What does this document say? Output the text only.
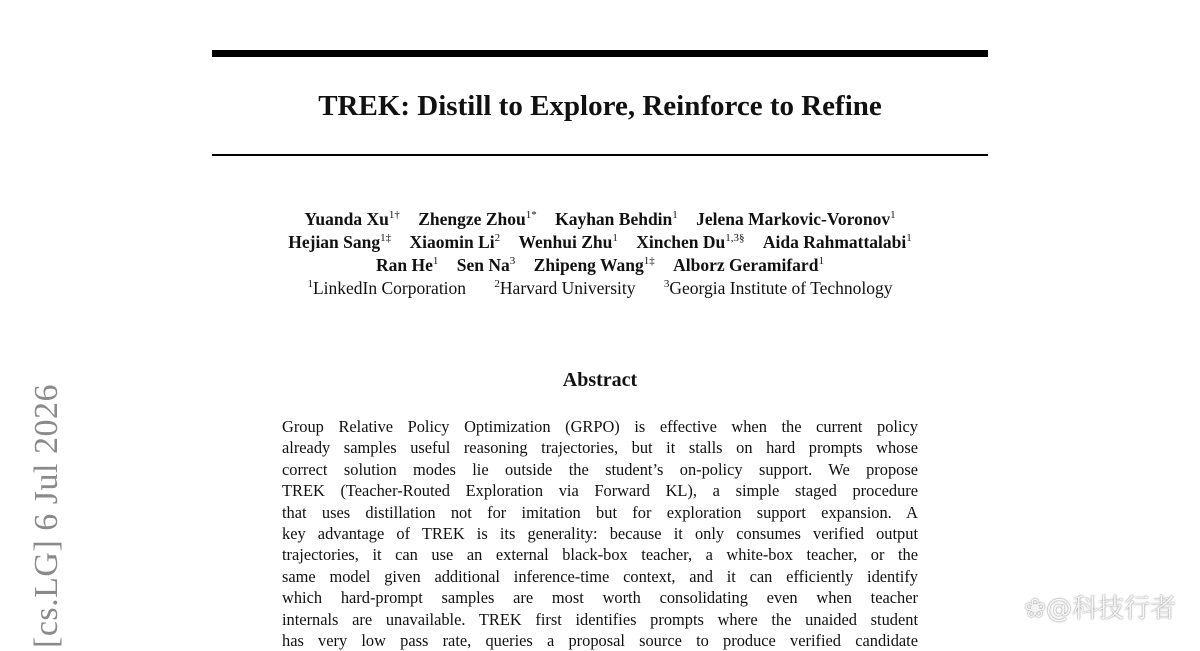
TREK: Distill to Explore, Reinforce to Refine
Yuanda $Xu^{1\dagger}$ Zhengze Zhou$^{1*}$ Kayhan Behdin$^1$ Jelena Markovic-Voronov$^1$
Hejian Sang$^{1\ddagger}$ Xiaomin Li$^2$ Wenhui Zhu$^1$ Xinchen $Du^{1,3\S}$ Aida Rahmattalabi$^1$
Ran He$^1$ Sen Na$^3$ Zhipeng Wang$^{1\ddagger}$ Alborz Geramifard$^1$
$^1$LinkedIn Corporation	$^2$Harvard University	$^3$Georgia Institute of Technology
Abstract
Group Relative Policy Optimization (GRPO) is effective when the current policy
already samples useful reasoning trajectories, but it stalls on hard prompts whose
correct solution modes lie outside the student’s on-policy support. We propose
TREK (Teacher-Routed Exploration via Forward KL), a simple staged procedure
that uses distillation not for imitation but for exploration support expansion. A
key advantage of TREK is its generality: because it only consumes verified output
trajectories, it can use an external black-box teacher, a white-box teacher, or the
same model given additional inference-time context, and it can efficiently identify
which hard-prompt samples are most worth consolidating even when teacher
internals are unavailable. TREK first identifies prompts where the unaided student
has very low pass rate, queries a proposal source to produce verified candidate
[cs.LG] 6 Jul 2026	❀@科技行者
